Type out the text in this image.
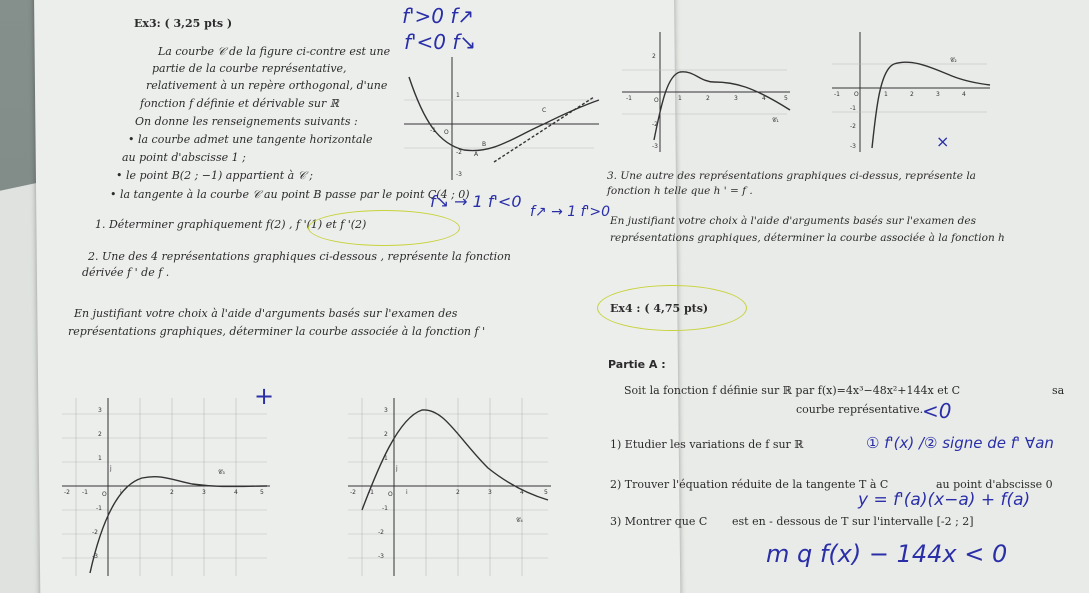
Ex3: ( 3,25 pts )
La courbe 𝒞 de la figure ci-contre est une
partie de la courbe représentative,
relativement à un repère orthogonal, d'une
fonction f définie et dérivable sur ℝ
On donne les renseignements suivants :
• la courbe admet une tangente horizontale
au point d'abscisse 1 ;
• le point B(2 ; −1) appartient à 𝒞 ;
• la tangente à la courbe 𝒞 au point B passe par le point C(4 ; 0)
1. Déterminer graphiquement f(2) , f '(1) et f '(2)
2. Une des 4 représentations graphiques ci-dessous , représente la fonction
dérivée f ' de f .
En justifiant votre choix à l'aide d'arguments basés sur l'examen des
représentations graphiques, déterminer la courbe associée à la fonction f '
3. Une autre des représentations graphiques ci-dessus, représente la
fonction h telle que h ' = f .
En justifiant votre choix à l'aide d'arguments basés sur l'examen des
représentations graphiques, déterminer la courbe associée à la fonction h
Ex4 : ( 4,75 pts)
Partie A :
Soit la fonction f définie sur ℝ par f(x)=4x³−48x²+144x et C	sa
courbe représentative.
1) Etudier les variations de f sur ℝ
2) Trouver l'équation réduite de la tangente T à C	au point d'abscisse 0
3) Montrer que C est en - dessous de T sur l'intervalle [-2 ; 2]
f'>0 f↗
f'<0 f↘
f↘ → 1 f'<0
f↗ → 1 f'>0
① f'(x) /② signe de f' ∀an
y = f'(a)(x−a) + f(a)
<0
m q f(x) − 144x < 0
+
×
C
B
A
O
-1
1
-2
-3
O
𝒞₁
-1	1	2	3	4	5
2
-2
-3
O
𝒞₂
-1	1	2	3	4
-1
-2
-3
O
𝒞₃
j
i
3
2
1
-1
-2
-3
-2 -1	2	3	4	5	O
𝒞₄
j
i
3
2
1
-1
-2
-3
-2 -1	2	3	4	5
